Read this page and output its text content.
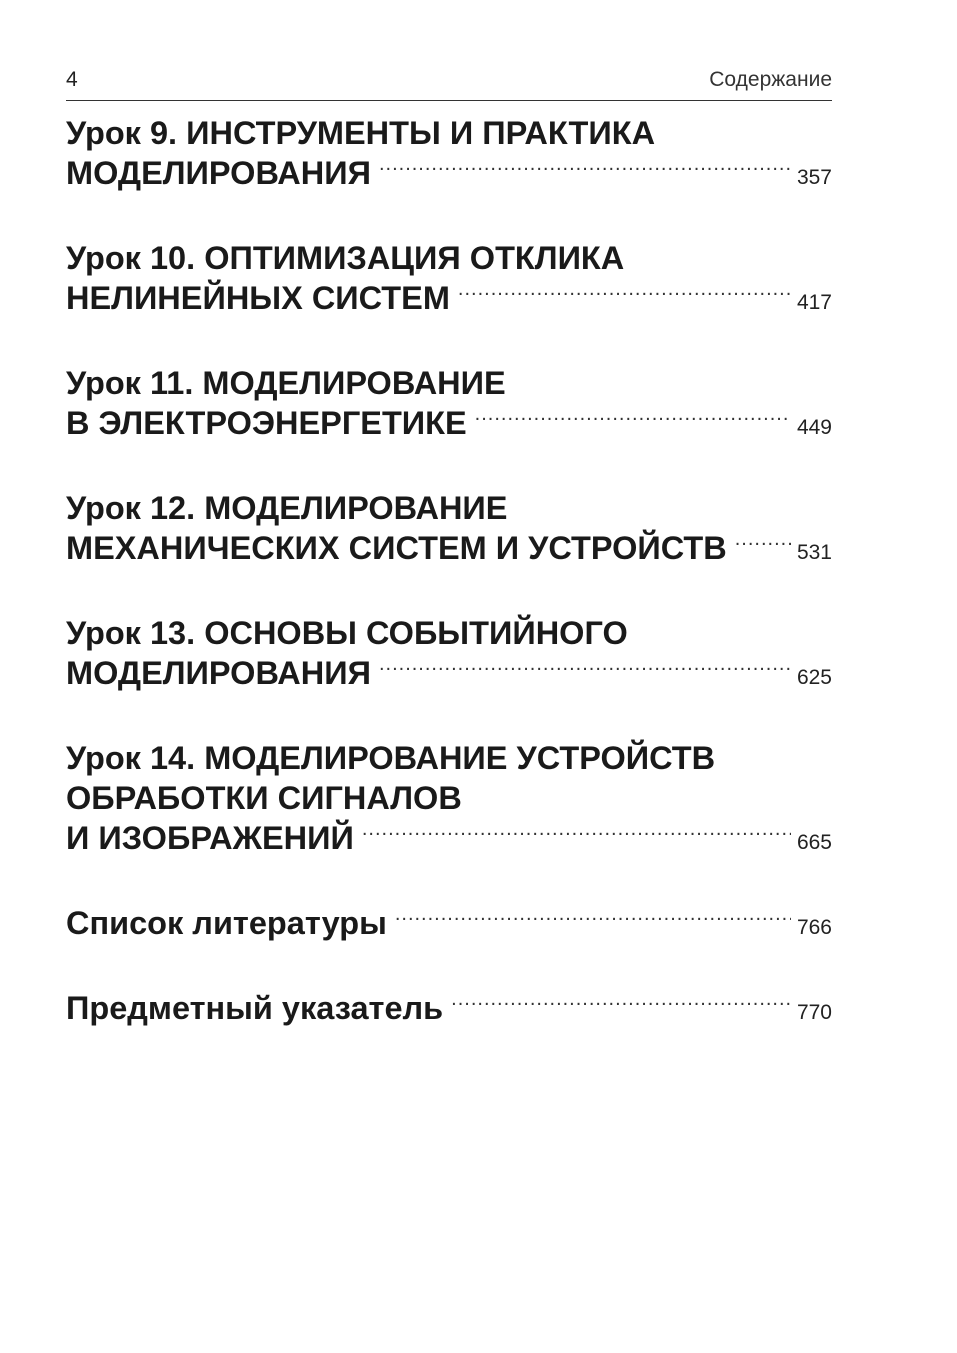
4	Содержание
Урок 9. ИНСТРУМЕНТЫ И ПРАКТИКА
МОДЕЛИРОВАНИЯ .....	357
Урок 10. ОПТИМИЗАЦИЯ ОТКЛИКА
НЕЛИНЕЙНЫХ СИСТЕМ .....	417
Урок 11. МОДЕЛИРОВАНИЕ
В ЭЛЕКТРОЭНЕРГЕТИКЕ .....	449
Урок 12. МОДЕЛИРОВАНИЕ
МЕХАНИЧЕСКИХ СИСТЕМ И УСТРОЙСТВ .....	531
Урок 13. ОСНОВЫ СОБЫТИЙНОГО
МОДЕЛИРОВАНИЯ .....	625
Урок 14. МОДЕЛИРОВАНИЕ УСТРОЙСТВ
ОБРАБОТКИ СИГНАЛОВ
И ИЗОБРАЖЕНИЙ .....	665
Список литературы .....	766
Предметный указатель .....	770
